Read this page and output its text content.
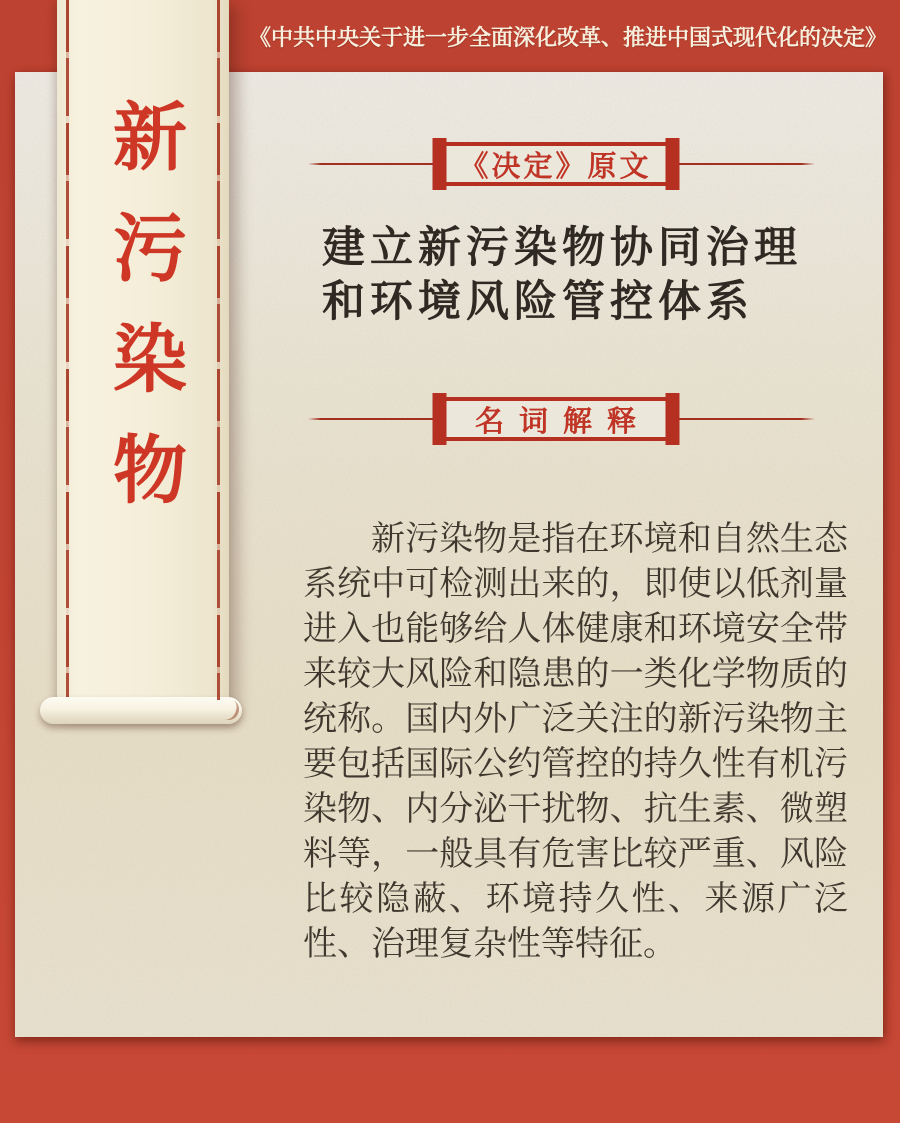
《中共中央关于进一步全面深化改革、推进中国式现代化的决定》
《决定》原文
建立新污染物协同治理
和环境风险管控体系
名词解释
新污染物是指在环境和自然生态系统中可检测出来的，即使以低剂量进入也能够给人体健康和环境安全带来较大风险和隐患的一类化学物质的统称。国内外广泛关注的新污染物主要包括国际公约管控的持久性有机污染物、内分泌干扰物、抗生素、微塑料等，一般具有危害比较严重、风险比较隐蔽、环境持久性、来源广泛性、治理复杂性等特征。
新污染物
